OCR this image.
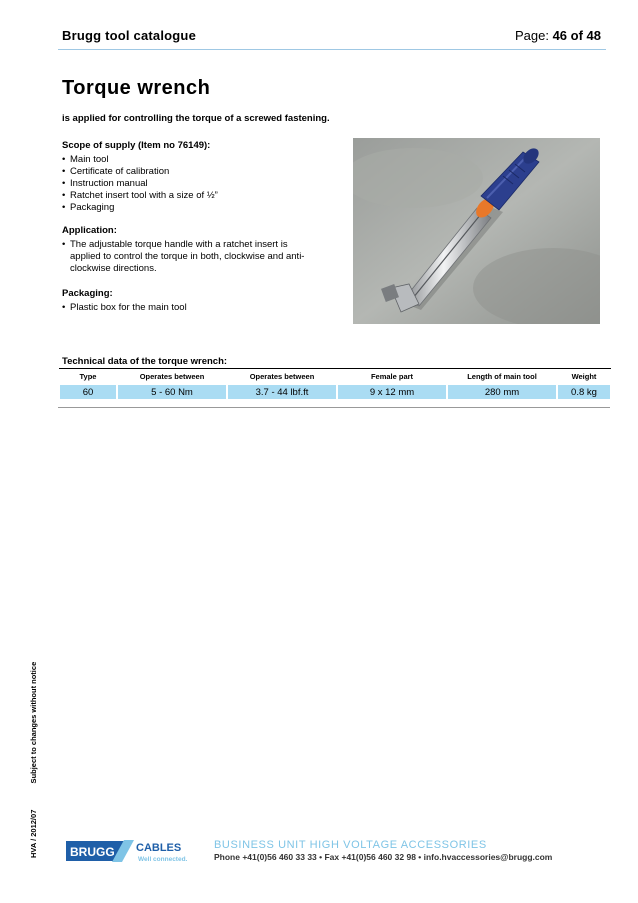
Brugg tool catalogue	Page: 46 of 48
Torque wrench
is applied for controlling the torque of a screwed fastening.
Scope of supply (Item no 76149):
• Main tool
• Certificate of calibration
• Instruction manual
• Ratchet insert tool with a size of ½”
• Packaging
Application:
• The adjustable torque handle with a ratchet insert is applied to control the torque in both, clockwise and anti-clockwise directions.
Packaging:
• Plastic box for the main tool
Technical data of the torque wrench:
Type	Operates between	Operates between	Female part	Length of main tool	Weight
60	5 - 60 Nm	3.7 - 44 lbf.ft	9 x 12 mm	280 mm	0.8 kg
HVA / 2012/07  Subject to changes without notice
BRUGG CABLES
Well connected.
BUSINESS UNIT HIGH VOLTAGE ACCESSORIES
Phone +41(0)56 460 33 33 • Fax +41(0)56 460 32 98 • info.hvaccessories@brugg.com
